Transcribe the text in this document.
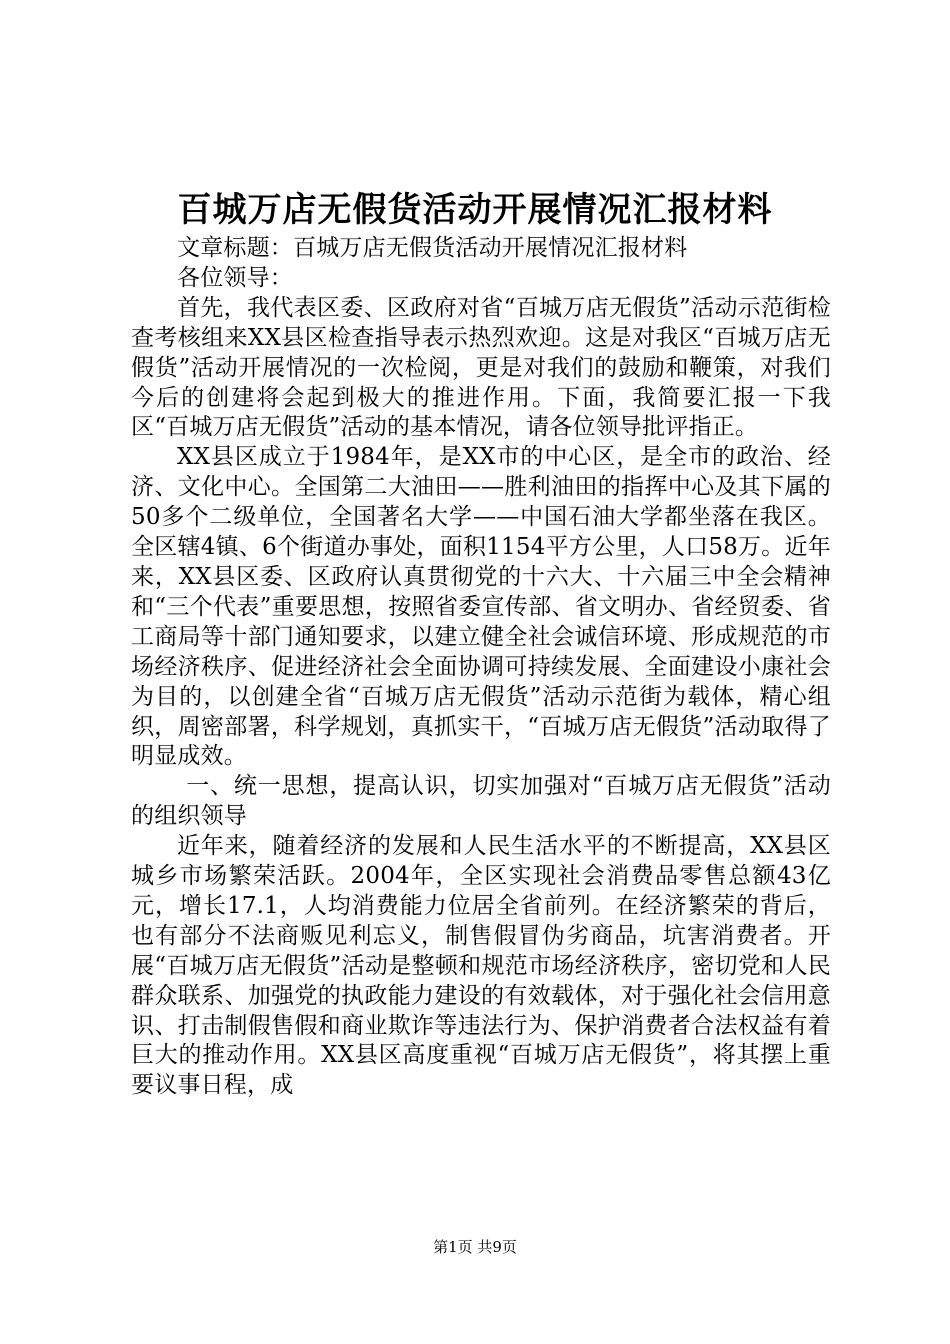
百城万店无假货活动开展情况汇报材料

文章标题：百城万店无假货活动开展情况汇报材料

各位领导：

首先，我代表区委、区政府对省“百城万店无假货”活动示范街检查考核组来XX县区检查指导表示热烈欢迎。这是对我区“百城万店无假货”活动开展情况的一次检阅，更是对我们的鼓励和鞭策，对我们今后的创建将会起到极大的推进作用。下面，我简要汇报一下我区“百城万店无假货”活动的基本情况，请各位领导批评指正。

XX县区成立于1984年，是XX市的中心区，是全市的政治、经济、文化中心。全国第二大油田——胜利油田的指挥中心及其下属的50多个二级单位，全国著名大学——中国石油大学都坐落在我区。全区辖4镇、6个街道办事处，面积1154平方公里，人口58万。近年来，XX县区委、区政府认真贯彻党的十六大、十六届三中全会精神和“三个代表”重要思想，按照省委宣传部、省文明办、省经贸委、省工商局等十部门通知要求，以建立健全社会诚信环境、形成规范的市场经济秩序、促进经济社会全面协调可持续发展、全面建设小康社会为目的，以创建全省“百城万店无假货”活动示范街为载体，精心组织，周密部署，科学规划，真抓实干，“百城万店无假货”活动取得了明显成效。

一、统一思想，提高认识，切实加强对“百城万店无假货”活动的组织领导

近年来，随着经济的发展和人民生活水平的不断提高，XX县区城乡市场繁荣活跃。2004年，全区实现社会消费品零售总额43亿元，增长17.1，人均消费能力位居全省前列。在经济繁荣的背后，也有部分不法商贩见利忘义，制售假冒伪劣商品，坑害消费者。开展“百城万店无假货”活动是整顿和规范市场经济秩序，密切党和人民群众联系、加强党的执政能力建设的有效载体，对于强化社会信用意识、打击制假售假和商业欺诈等违法行为、保护消费者合法权益有着巨大的推动作用。XX县区高度重视“百城万店无假货”，将其摆上重要议事日程，成

第1页 共9页
